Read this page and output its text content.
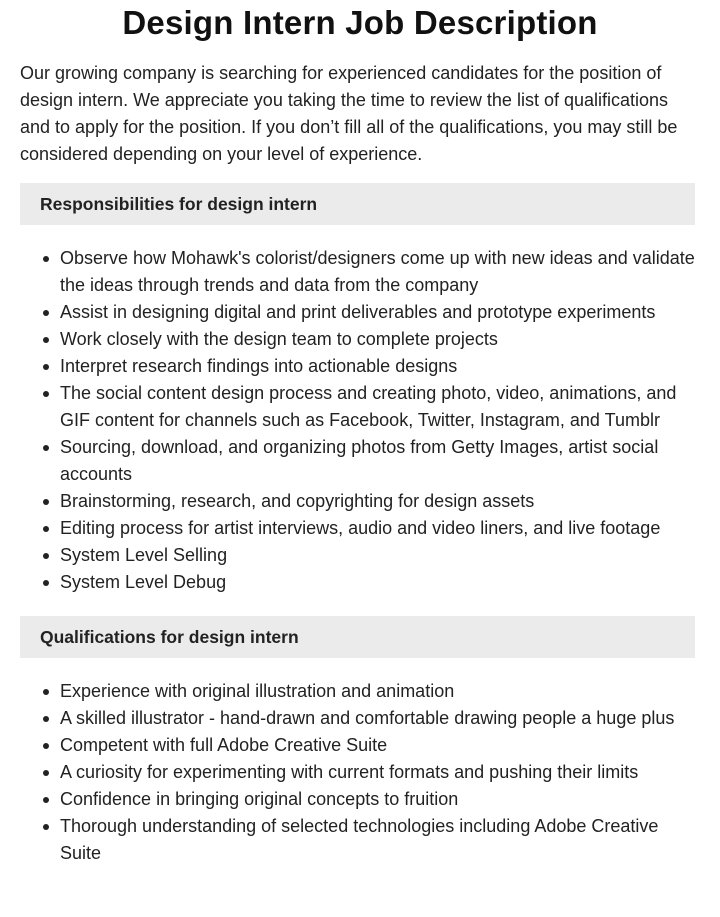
Design Intern Job Description

Our growing company is searching for experienced candidates for the position of design intern. We appreciate you taking the time to review the list of qualifications and to apply for the position. If you don’t fill all of the qualifications, you may still be considered depending on your level of experience.

Responsibilities for design intern
Observe how Mohawk's colorist/designers come up with new ideas and validate the ideas through trends and data from the company
Assist in designing digital and print deliverables and prototype experiments
Work closely with the design team to complete projects
Interpret research findings into actionable designs
The social content design process and creating photo, video, animations, and GIF content for channels such as Facebook, Twitter, Instagram, and Tumblr
Sourcing, download, and organizing photos from Getty Images, artist social accounts
Brainstorming, research, and copyrighting for design assets
Editing process for artist interviews, audio and video liners, and live footage
System Level Selling
System Level Debug
Qualifications for design intern
Experience with original illustration and animation
A skilled illustrator - hand-drawn and comfortable drawing people a huge plus
Competent with full Adobe Creative Suite
A curiosity for experimenting with current formats and pushing their limits
Confidence in bringing original concepts to fruition
Thorough understanding of selected technologies including Adobe Creative Suite
